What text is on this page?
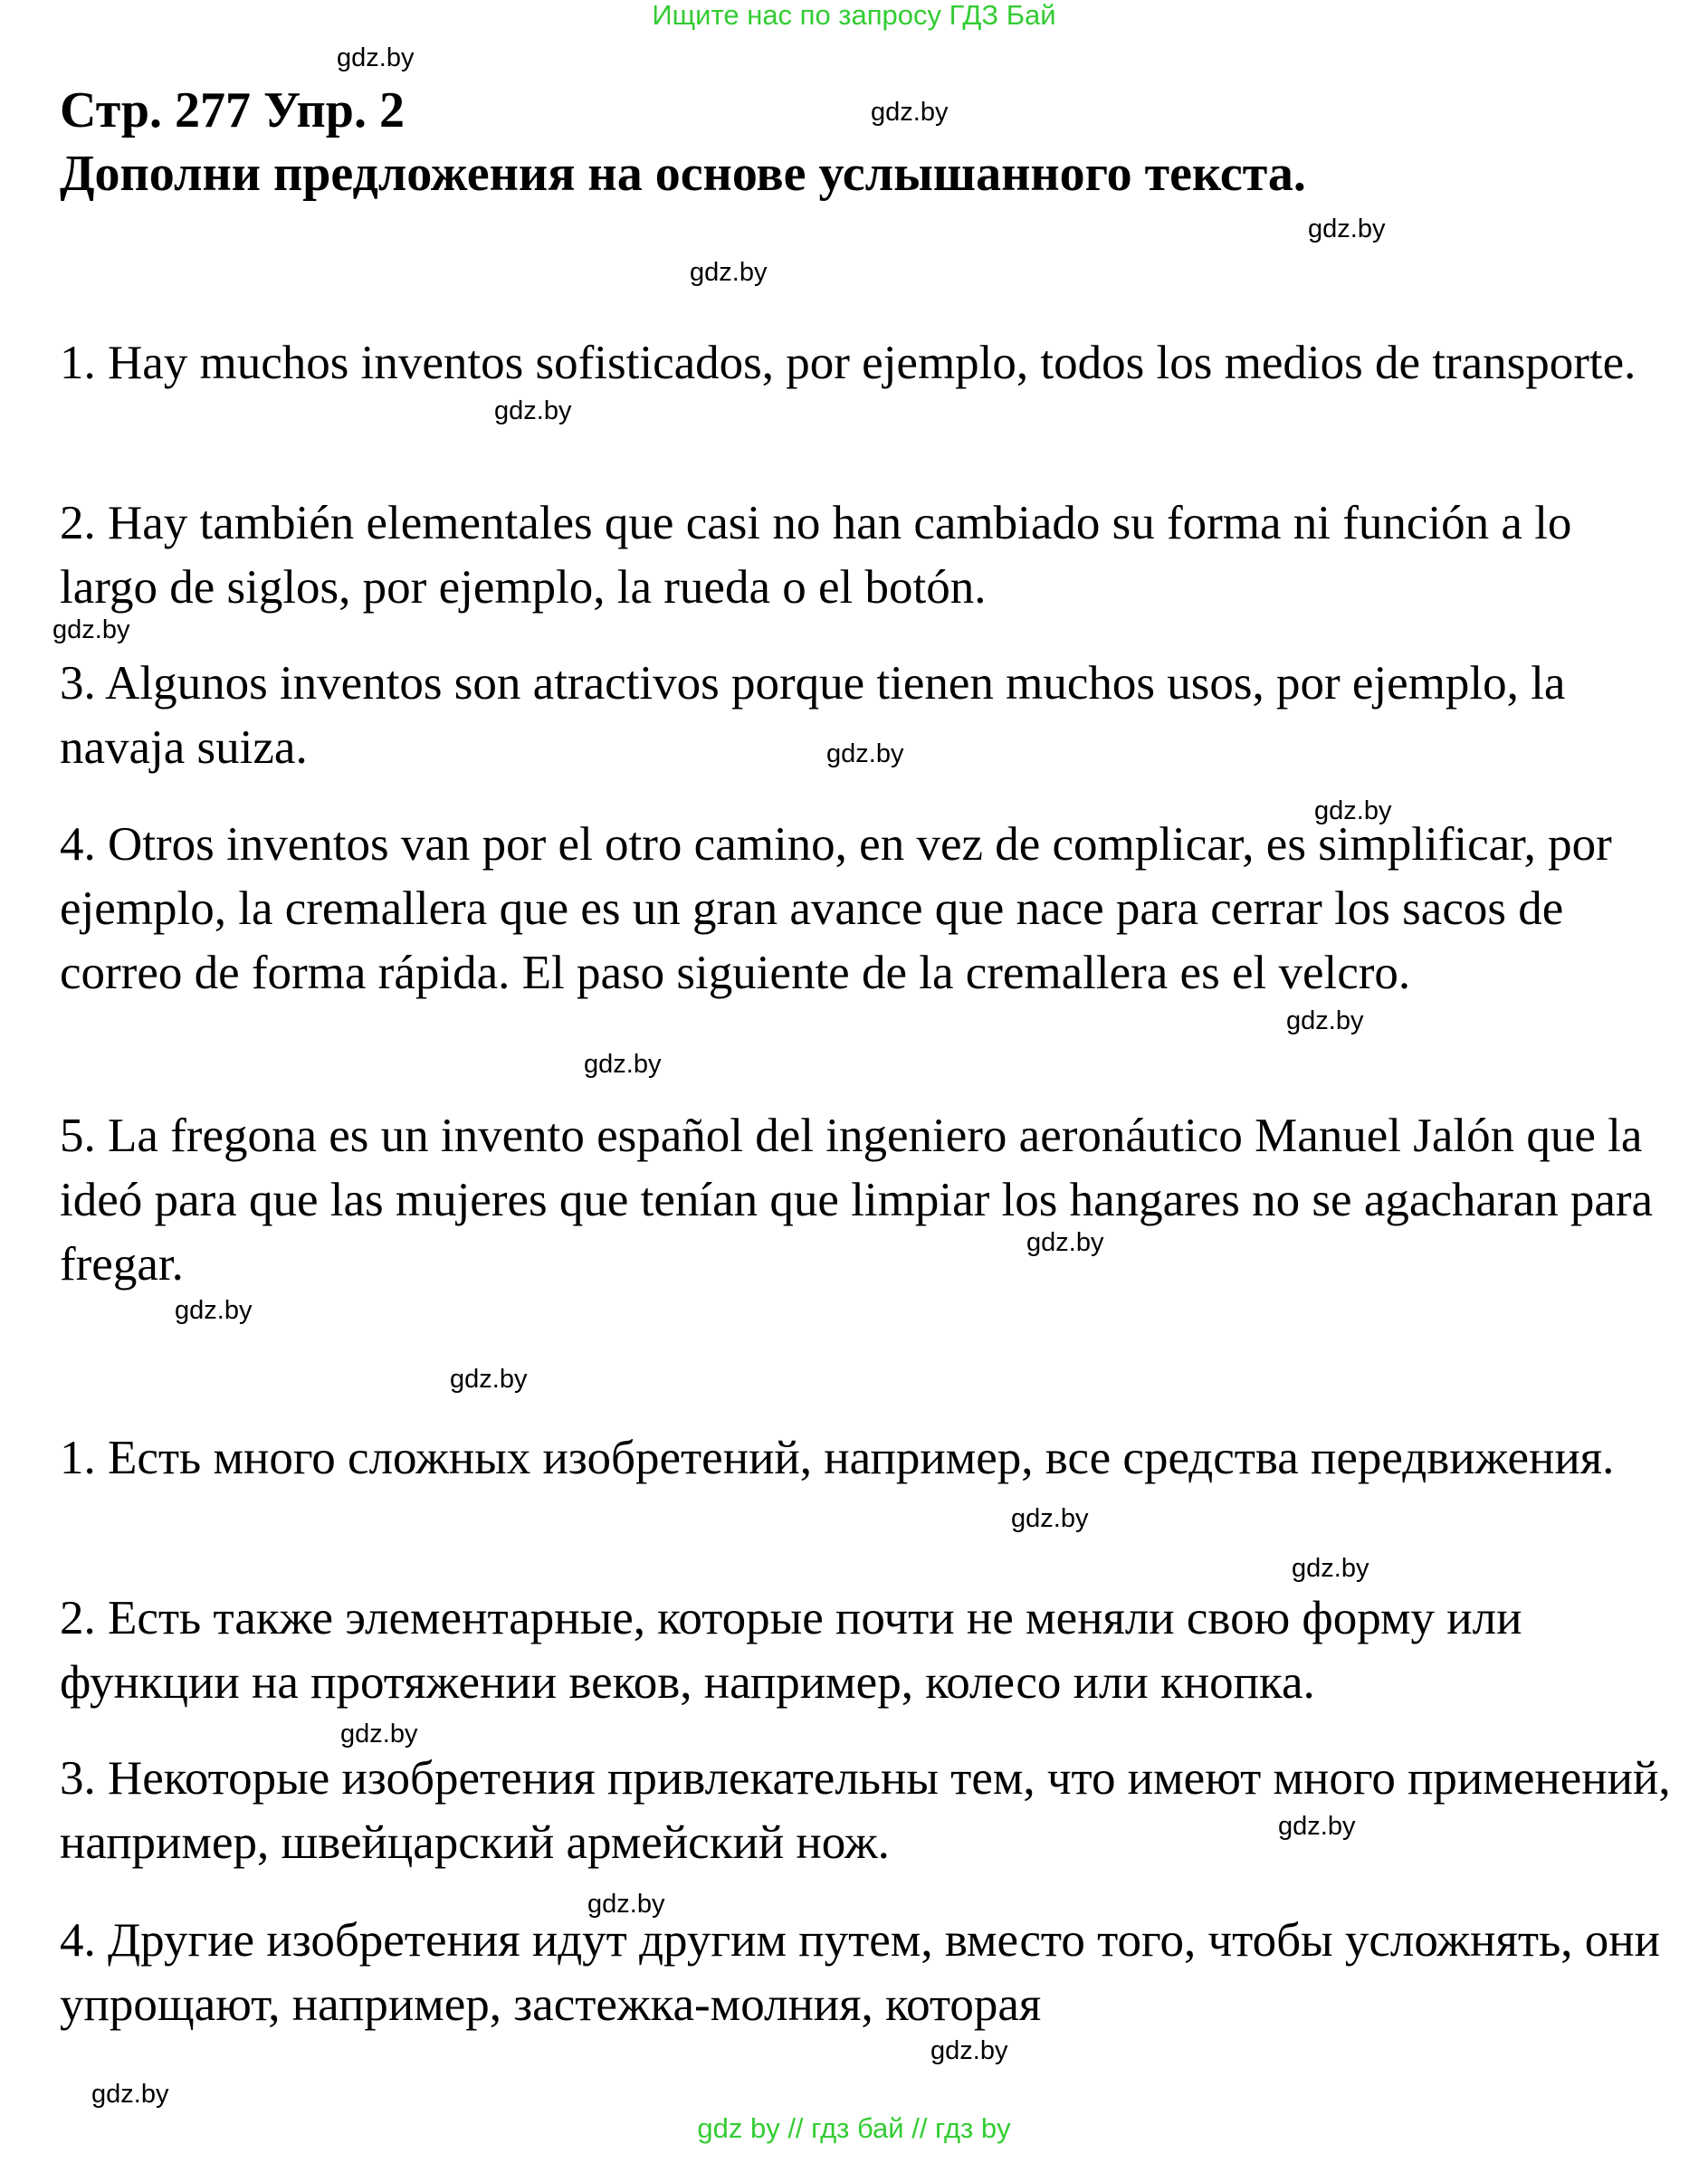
Ищите нас по запросу ГДЗ Бай
Стр. 277 Упр. 2
Дополни предложения на основе услышанного текста.
1. Hay muchos inventos sofisticados, por ejemplo, todos los medios de transporte.
2. Hay también elementales que casi no han cambiado su forma ni función a lo largo de siglos, por ejemplo, la rueda o el botón.
3. Algunos inventos son atractivos porque tienen muchos usos, por ejemplo, la navaja suiza.
4. Otros inventos van por el otro camino, en vez de complicar, es simplificar, por ejemplo, la cremallera que es un gran avance que nace para cerrar los sacos de correo de forma rápida. El paso siguiente de la cremallera es el velcro.
5. La fregona es un invento español del ingeniero aeronáutico Manuel Jalón que la ideó para que las mujeres que tenían que limpiar los hangares no se agacharan para fregar.
1. Есть много сложных изобретений, например, все средства передвижения.
2. Есть также элементарные, которые почти не меняли свою форму или функции на протяжении веков, например, колесо или кнопка.
3. Некоторые изобретения привлекательны тем, что имеют много применений, например, швейцарский армейский нож.
4. Другие изобретения идут другим путем, вместо того, чтобы усложнять, они упрощают, например, застежка-молния, которая
gdz.by
gdz.by
gdz.by
gdz.by
gdz.by
gdz.by
gdz.by
gdz.by
gdz.by
gdz.by
gdz.by
gdz.by
gdz.by
gdz.by
gdz.by
gdz.by
gdz.by
gdz.by
gdz.by
gdz.by
gdz by // гдз бай // гдз by
